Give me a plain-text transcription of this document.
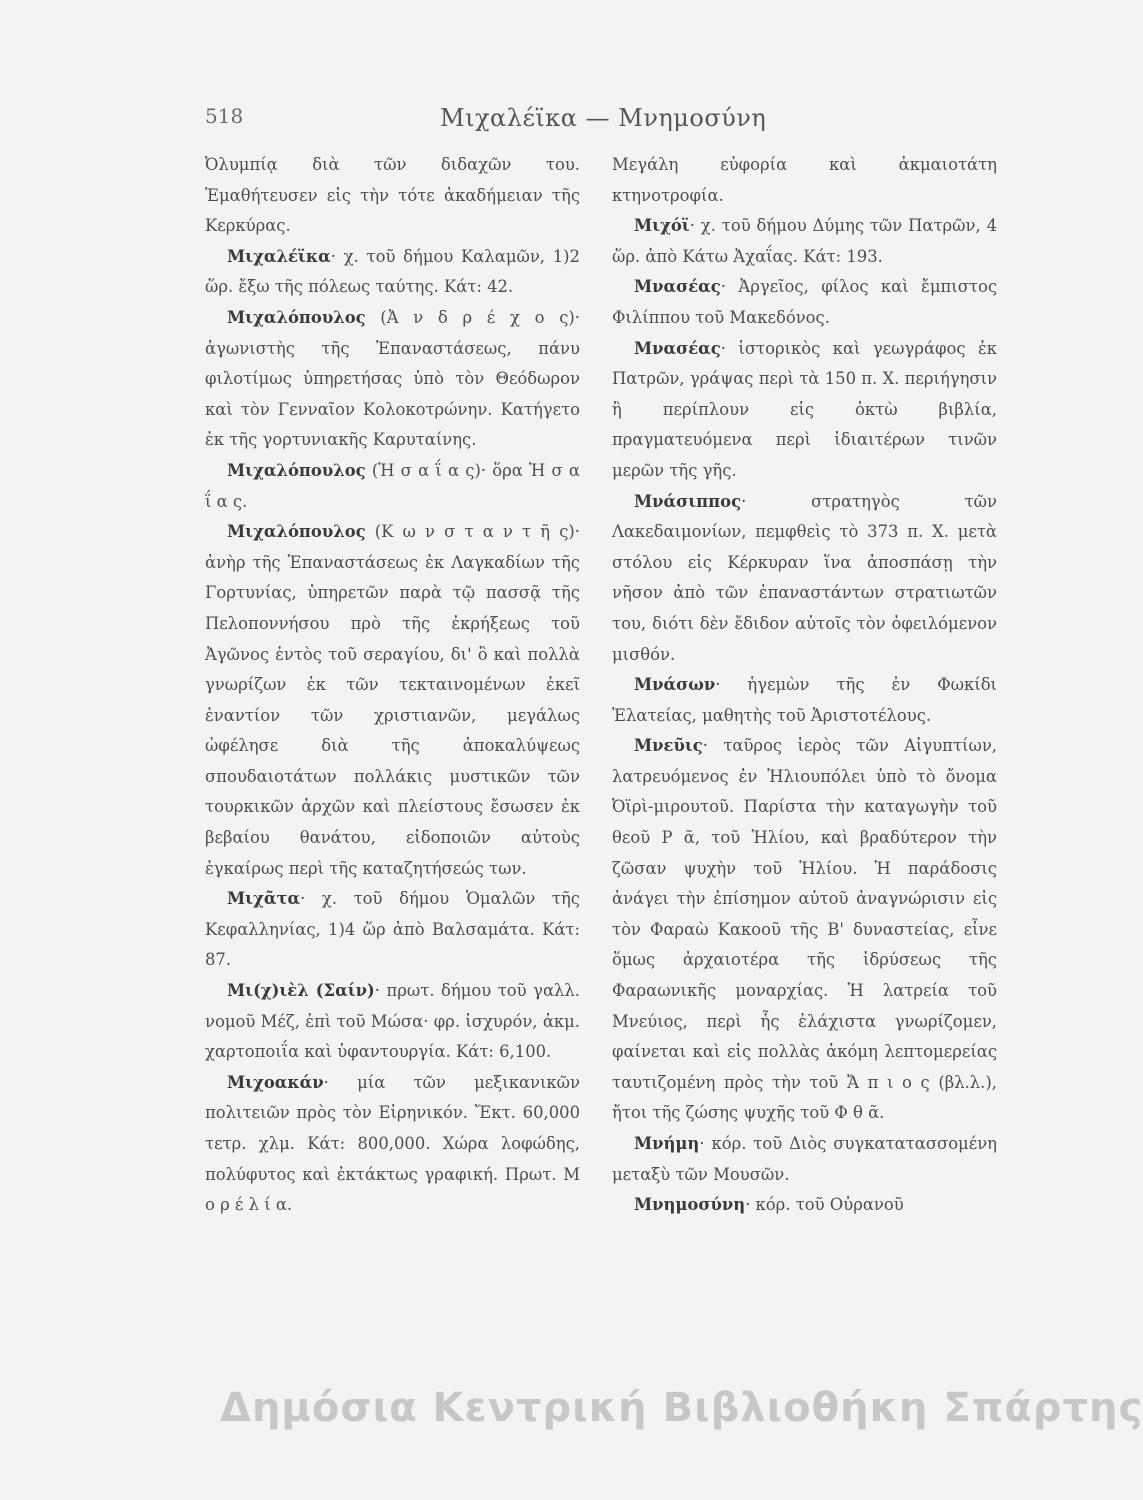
518	Μιχαλέϊκα — Μνημοσύνη

Ὀλυμπίᾳ διὰ τῶν διδαχῶν του. Ἐμαθήτευσεν εἰς τὴν τότε ἀκαδήμειαν τῆς Κερκύρας.

Μιχαλέϊκα· χ. τοῦ δήμου Καλαμῶν, 1)2 ὥρ. ἔξω τῆς πόλεως ταύτης. Κάτ: 42.

Μιχαλόπουλος (Ἀ ν δ ρ έ χ ο ς)· ἀγωνιστὴς τῆς Ἐπαναστάσεως, πάνυ φιλοτίμως ὑπηρετήσας ὑπὸ τὸν Θεόδωρον καὶ τὸν Γενναῖον Κολοκοτρώνην. Κατήγετο ἐκ τῆς γορτυνιακῆς Καρυταίνης.

Μιχαλόπουλος (Ἡ σ α ΐ α ς)· ὅρα Ἡ σ α ΐ α ς.

Μιχαλόπουλος (Κ ω ν σ τ α ν τ ῆ ς)· ἀνὴρ τῆς Ἐπαναστάσεως ἐκ Λαγκαδίων τῆς Γορτυνίας, ὑπηρετῶν παρὰ τῷ πασσᾷ τῆς Πελοποννήσου πρὸ τῆς ἐκρήξεως τοῦ Ἀγῶνος ἐντὸς τοῦ σεραγίου, δι' ὃ καὶ πολλὰ γνωρίζων ἐκ τῶν τεκταινομένων ἐκεῖ ἐναντίον τῶν χριστιανῶν, μεγάλως ὠφέλησε διὰ τῆς ἀποκαλύψεως σπουδαιοτάτων πολλάκις μυστικῶν τῶν τουρκικῶν ἀρχῶν καὶ πλείστους ἔσωσεν ἐκ βεβαίου θανάτου, εἰδοποιῶν αὐτοὺς ἐγκαίρως περὶ τῆς καταζητήσεώς των.

Μιχᾶτα· χ. τοῦ δήμου Ὁμαλῶν τῆς Κεφαλληνίας, 1)4 ὥρ ἀπὸ Βαλσαμάτα. Κάτ: 87.

Μι(χ)ιὲλ (Σαίν)· πρωτ. δήμου τοῦ γαλλ. νομοῦ Μέζ, ἐπὶ τοῦ Μώσα· φρ. ἰσχυρόν, ἀκμ. χαρτοποιΐα καὶ ὑφαντουργία. Κάτ: 6,100.

Μιχοακάν· μία τῶν μεξικανικῶν πολιτειῶν πρὸς τὸν Εἰρηνικόν. Ἔκτ. 60,000 τετρ. χλμ. Κάτ: 800,000. Χώρα λοφώδης, πολύφυτος καὶ ἐκτάκτως γραφική. Πρωτ. Μ ο ρ έ λ ί α.

Μεγάλη εὐφορία καὶ ἀκμαιοτάτη κτηνοτροφία.

Μιχόϊ· χ. τοῦ δήμου Δύμης τῶν Πατρῶν, 4 ὥρ. ἀπὸ Κάτω Ἀχαΐας. Κάτ: 193.

Μνασέας· Ἀργεῖος, φίλος καὶ ἔμπιστος Φιλίππου τοῦ Μακεδόνος.

Μνασέας· ἱστορικὸς καὶ γεωγράφος ἐκ Πατρῶν, γράψας περὶ τὰ 150 π. Χ. περιήγησιν ἢ περίπλουν εἰς ὀκτὼ βιβλία, πραγματευόμενα περὶ ἰδιαιτέρων τινῶν μερῶν τῆς γῆς.

Μνάσιππος· στρατηγὸς τῶν Λακεδαιμονίων, πεμφθεὶς τὸ 373 π. Χ. μετὰ στόλου εἰς Κέρκυραν ἵνα ἀποσπάσῃ τὴν νῆσον ἀπὸ τῶν ἐπαναστάντων στρατιωτῶν του, διότι δὲν ἔδιδον αὐτοῖς τὸν ὀφειλόμενον μισθόν.

Μνάσων· ἡγεμὼν τῆς ἐν Φωκίδι Ἐλατείας, μαθητὴς τοῦ Ἀριστοτέλους.

Μνεῦις· ταῦρος ἱερὸς τῶν Αἰγυπτίων, λατρευόμενος ἐν Ἡλιουπόλει ὑπὸ τὸ ὄνομα Ὀϊρὶ-μιρουτοῦ. Παρίστα τὴν καταγωγὴν τοῦ θεοῦ Ρ ᾶ, τοῦ Ἡλίου, καὶ βραδύτερον τὴν ζῶσαν ψυχὴν τοῦ Ἡλίου. Ἡ παράδοσις ἀνάγει τὴν ἐπίσημον αὐτοῦ ἀναγνώρισιν εἰς τὸν Φαραὼ Κακοοῦ τῆς Β' δυναστείας, εἶνε ὅμως ἀρχαιοτέρα τῆς ἱδρύσεως τῆς Φαραωνικῆς μοναρχίας. Ἡ λατρεία τοῦ Μνεύιος, περὶ ἧς ἐλάχιστα γνωρίζομεν, φαίνεται καὶ εἰς πολλὰς ἀκόμη λεπτομερείας ταυτιζομένη πρὸς τὴν τοῦ Ἄ π ι ο ς (βλ.λ.), ἤτοι τῆς ζώσης ψυχῆς τοῦ Φ θ ᾶ.

Μνήμη· κόρ. τοῦ Διὸς συγκατατασσομένη μεταξὺ τῶν Μουσῶν.

Μνημοσύνη· κόρ. τοῦ Οὐρανοῦ

Δημόσια Κεντρική Βιβλιοθήκη Σπάρτης
